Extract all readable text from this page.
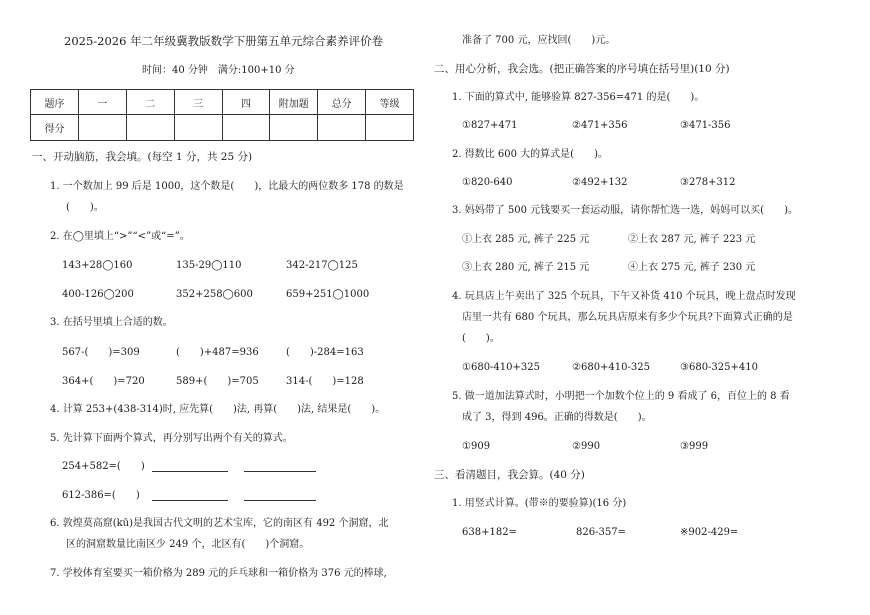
2025-2026 年二年级冀教版数学下册第五单元综合素养评价卷
时间：40 分钟　满分:100+10 分
题序	一	二	三	四	附加题	总分	等级
得分							
一、开动脑筋，我会填。(每空 1 分，共 25 分)
1. 一个数加上 99 后是 1000，这个数是(　　)，比最大的两位数多 178 的数是
(　　)。
2. 在◯里填上“>”“<”或“=”。
143+28◯160	135-29◯110	342-217◯125
400-126◯200	352+258◯600	659+251◯1000
3. 在括号里填上合适的数。
567-(　　)=309	(　　)+487=936	(　　)-284=163
364+(　　)=720	589+(　　)=705	314-(　　)=128
4. 计算 253+(438-314)时, 应先算(　　)法, 再算(　　)法, 结果是(　　)。
5. 先计算下面两个算式，再分别写出两个有关的算式。
254+582=(　　)
612-386=(　　)
6. 敦煌莫高窟(kū)是我国古代文明的艺术宝库，它的南区有 492 个洞窟，北
区的洞窟数量比南区少 249 个，北区有(　　)个洞窟。
7. 学校体育室要买一箱价格为 289 元的乒乓球和一箱价格为 376 元的棒球,
准备了 700 元，应找回(　　)元。
二、用心分析，我会选。(把正确答案的序号填在括号里)(10 分)
1. 下面的算式中, 能够验算 827-356=471 的是(　　)。
①827+471	②471+356	③471-356
2. 得数比 600 大的算式是(　　)。
①820-640	②492+132	③278+312
3. 妈妈带了 500 元钱要买一套运动服，请你帮忙选一选，妈妈可以买(　　)。
①上衣 285 元, 裤子 225 元	②上衣 287 元, 裤子 223 元
③上衣 280 元, 裤子 215 元	④上衣 275 元, 裤子 230 元
4. 玩具店上午卖出了 325 个玩具，下午又补货 410 个玩具，晚上盘点时发现
店里一共有 680 个玩具，那么玩具店原来有多少个玩具?下面算式正确的是
(　　)。
①680-410+325	②680+410-325	③680-325+410
5. 做一道加法算式时，小明把一个加数个位上的 9 看成了 6，百位上的 8 看
成了 3，得到 496。正确的得数是(　　)。
①909	②990	③999
三、看清题目，我会算。(40 分)
1. 用竖式计算。(带※的要验算)(16 分)
638+182=	826-357=	※902-429=
